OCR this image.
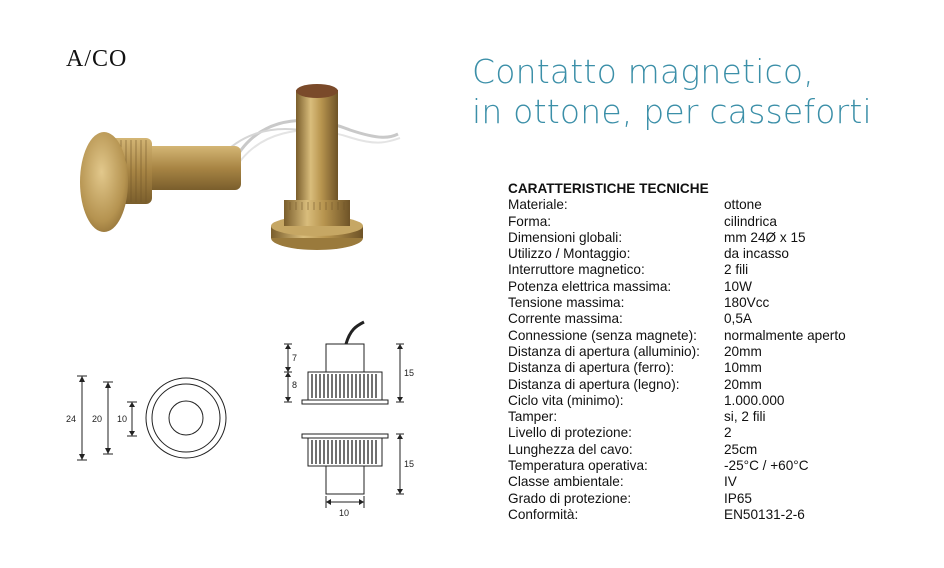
A/CO	Contatto magnetico,
in ottone, per casseforti
24 20 10
7
8
15
15
10
CARATTERISTICHE TECNICHE
Materiale:	ottone
Forma:	cilindrica
Dimensioni globali:	mm 24Ø x 15
Utilizzo / Montaggio:	da incasso
Interruttore magnetico:	2 fili
Potenza elettrica massima:	10W
Tensione massima:	180Vcc
Corrente massima:	0,5A
Connessione (senza magnete):	normalmente aperto
Distanza di apertura (alluminio):	20mm
Distanza di apertura (ferro):	10mm
Distanza di apertura (legno):	20mm
Ciclo vita (minimo):	1.000.000
Tamper:	si, 2 fili
Livello di protezione:	2
Lunghezza del cavo:	25cm
Temperatura operativa:	-25°C / +60°C
Classe ambientale:	IV
Grado di protezione:	IP65
Conformità:	EN50131-2-6
